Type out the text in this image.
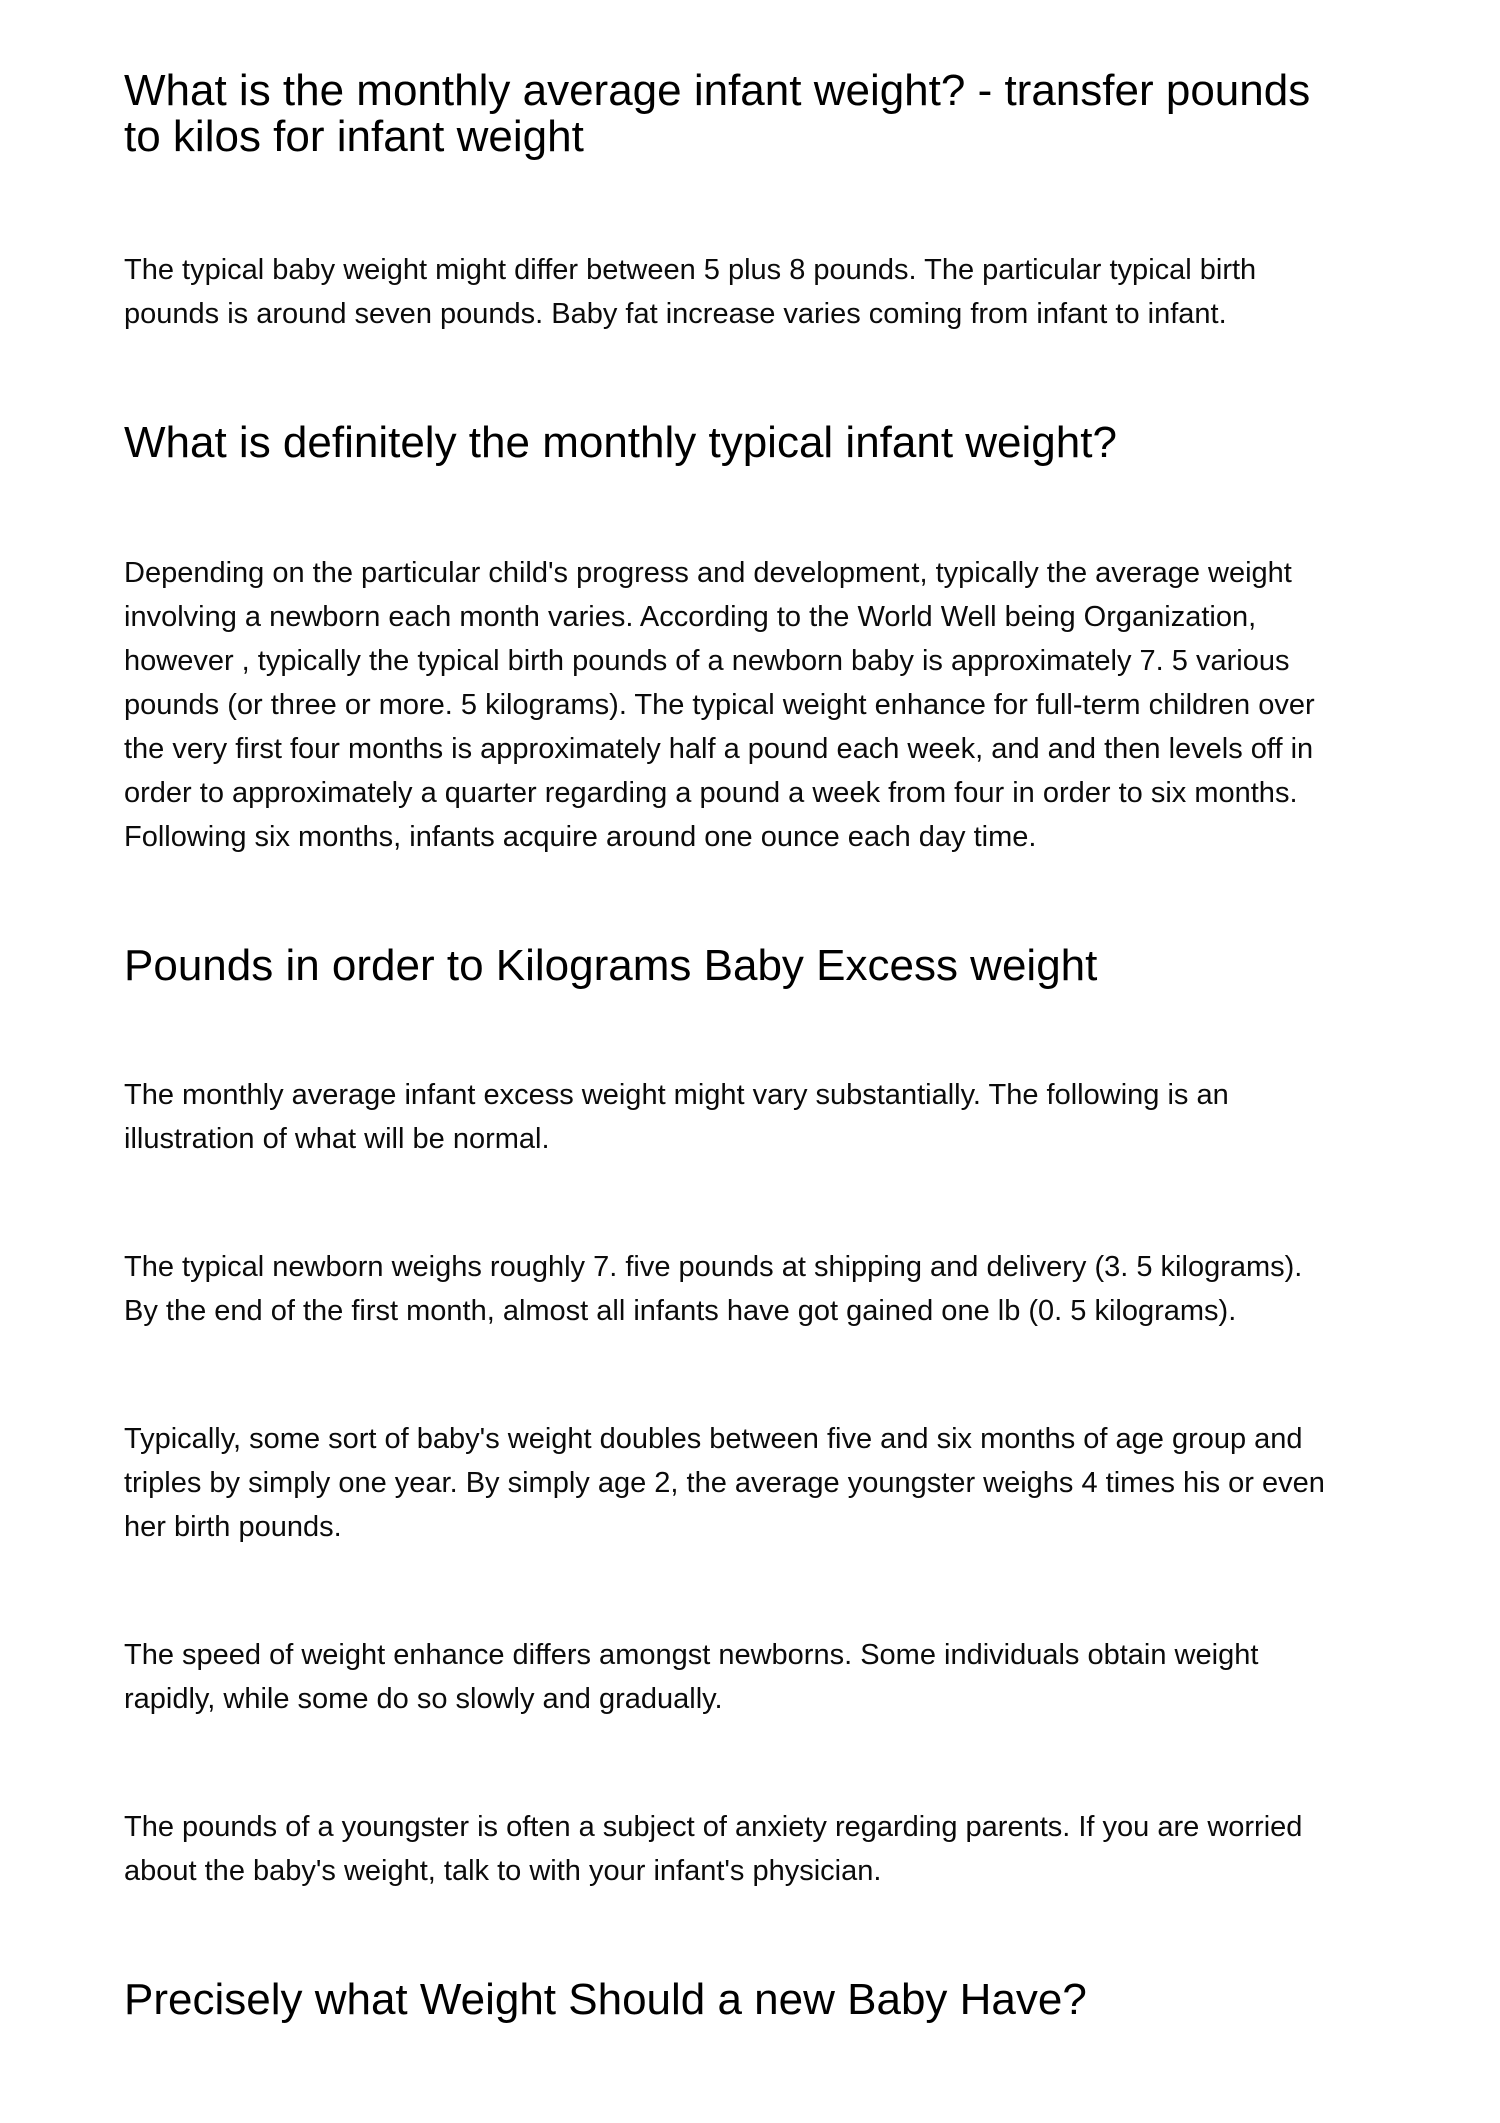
What is the monthly average infant weight? - transfer pounds to kilos for infant weight

The typical baby weight might differ between 5 plus 8 pounds. The particular typical birth pounds is around seven pounds. Baby fat increase varies coming from infant to infant.

What is definitely the monthly typical infant weight?

Depending on the particular child's progress and development, typically the average weight involving a newborn each month varies. According to the World Well being Organization, however , typically the typical birth pounds of a newborn baby is approximately 7. 5 various pounds (or three or more. 5 kilograms). The typical weight enhance for full-term children over the very first four months is approximately half a pound each week, and and then levels off in order to approximately a quarter regarding a pound a week from four in order to six months. Following six months, infants acquire around one ounce each day time.

Pounds in order to Kilograms Baby Excess weight

The monthly average infant excess weight might vary substantially. The following is an illustration of what will be normal.

The typical newborn weighs roughly 7. five pounds at shipping and delivery (3. 5 kilograms). By the end of the first month, almost all infants have got gained one lb (0. 5 kilograms).

Typically, some sort of baby's weight doubles between five and six months of age group and triples by simply one year. By simply age 2, the average youngster weighs 4 times his or even her birth pounds.

The speed of weight enhance differs amongst newborns. Some individuals obtain weight rapidly, while some do so slowly and gradually.

The pounds of a youngster is often a subject of anxiety regarding parents. If you are worried about the baby's weight, talk to with your infant's physician.

Precisely what Weight Should a new Baby Have?
